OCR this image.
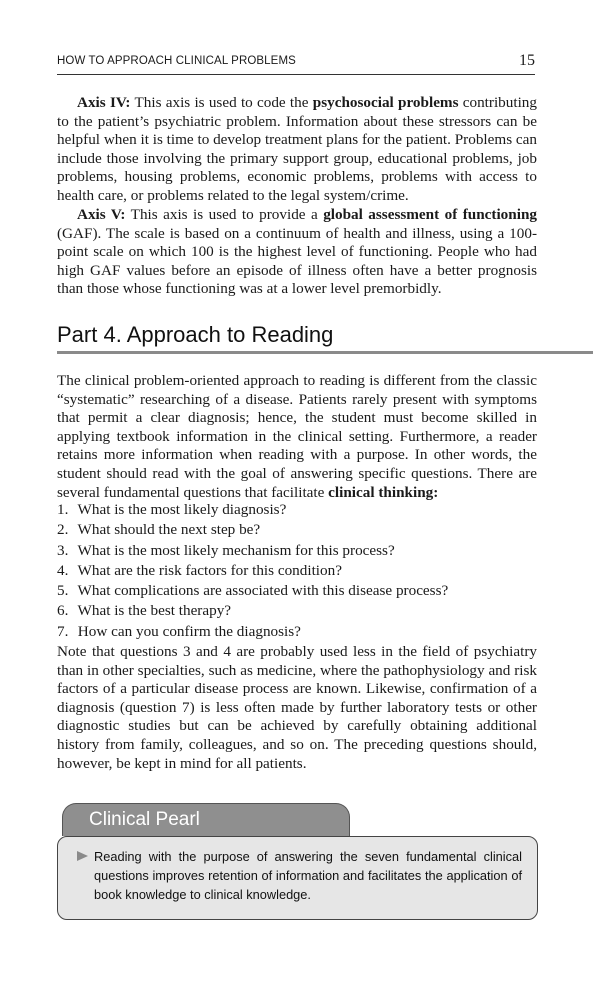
HOW TO APPROACH CLINICAL PROBLEMS	15

Axis IV: This axis is used to code the psychosocial problems contributing to the patient’s psychiatric problem. Information about these stressors can be helpful when it is time to develop treatment plans for the patient. Problems can include those involving the primary support group, educational problems, job problems, housing problems, economic problems, problems with access to health care, or problems related to the legal system/crime.

Axis V: This axis is used to provide a global assessment of functioning (GAF). The scale is based on a continuum of health and illness, using a 100-point scale on which 100 is the highest level of functioning. People who had high GAF values before an episode of illness often have a better prognosis than those whose functioning was at a lower level premorbidly.

Part 4. Approach to Reading

The clinical problem-oriented approach to reading is different from the classic “systematic” researching of a disease. Patients rarely present with symptoms that permit a clear diagnosis; hence, the student must become skilled in applying textbook information in the clinical setting. Furthermore, a reader retains more information when reading with a purpose. In other words, the student should read with the goal of answering specific questions. There are several fundamental questions that facilitate clinical thinking:

1. What is the most likely diagnosis?
2. What should the next step be?
3. What is the most likely mechanism for this process?
4. What are the risk factors for this condition?
5. What complications are associated with this disease process?
6. What is the best therapy?
7. How can you confirm the diagnosis?

Note that questions 3 and 4 are probably used less in the field of psychiatry than in other specialties, such as medicine, where the pathophysiology and risk factors of a particular disease process are known. Likewise, confirmation of a diagnosis (question 7) is less often made by further laboratory tests or other diagnostic studies but can be achieved by carefully obtaining additional history from family, colleagues, and so on. The preceding questions should, however, be kept in mind for all patients.

Clinical Pearl

Reading with the purpose of answering the seven fundamental clinical questions improves retention of information and facilitates the application of book knowledge to clinical knowledge.
